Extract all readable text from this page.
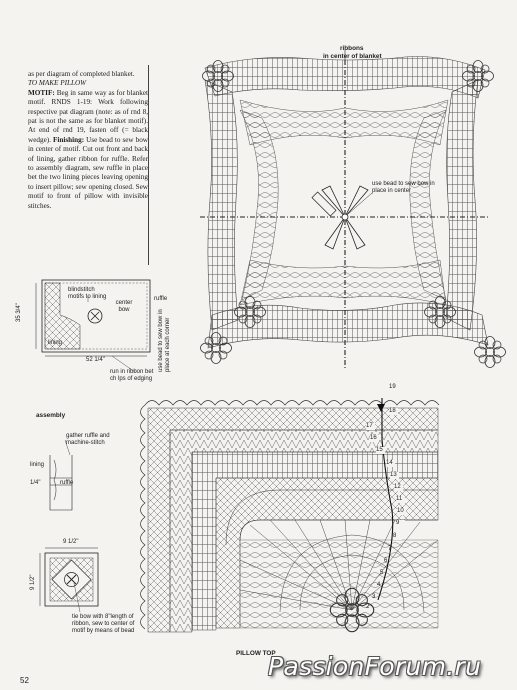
as per diagram of completed blanket.

TO MAKE PILLOW

MOTIF: Beg in same way as for blanket motif. RNDS 1-19: Work following respective pat diagram (note: as of rnd 8, pat is not the same as for blanket motif). At end of rnd 19, fasten off (= black wedge). Finishing: Use bead to sew bow in center of motif. Cut out front and back of lining, gather ribbon for ruffle. Refer to assembly diagram, sew ruffle in place bet the two lining pieces leaving opening to insert pillow; sew opening closed. Sew motif to front of pillow with invisible stitches.

ribbons
in center of blanket
use bead to sew bow in place in center
blindstitch motifs to lining
center bow
ruffle
lining
35 3/4"
52 1/4"	use bead to sew bow in place at each corner
run in ribbon bet ch lps of edging
assembly
gather ruffle and machine-stitch
lining
1/4"	ruffle
9 1/2"
9 1/2"
tie bow with 8"length of ribbon, sew to center of motif by means of bead
PILLOW TOP
19
18
17
16
15
14
13
12
11
10
9
8
7
6
5
4
3
2
52	PassionForum.ru
